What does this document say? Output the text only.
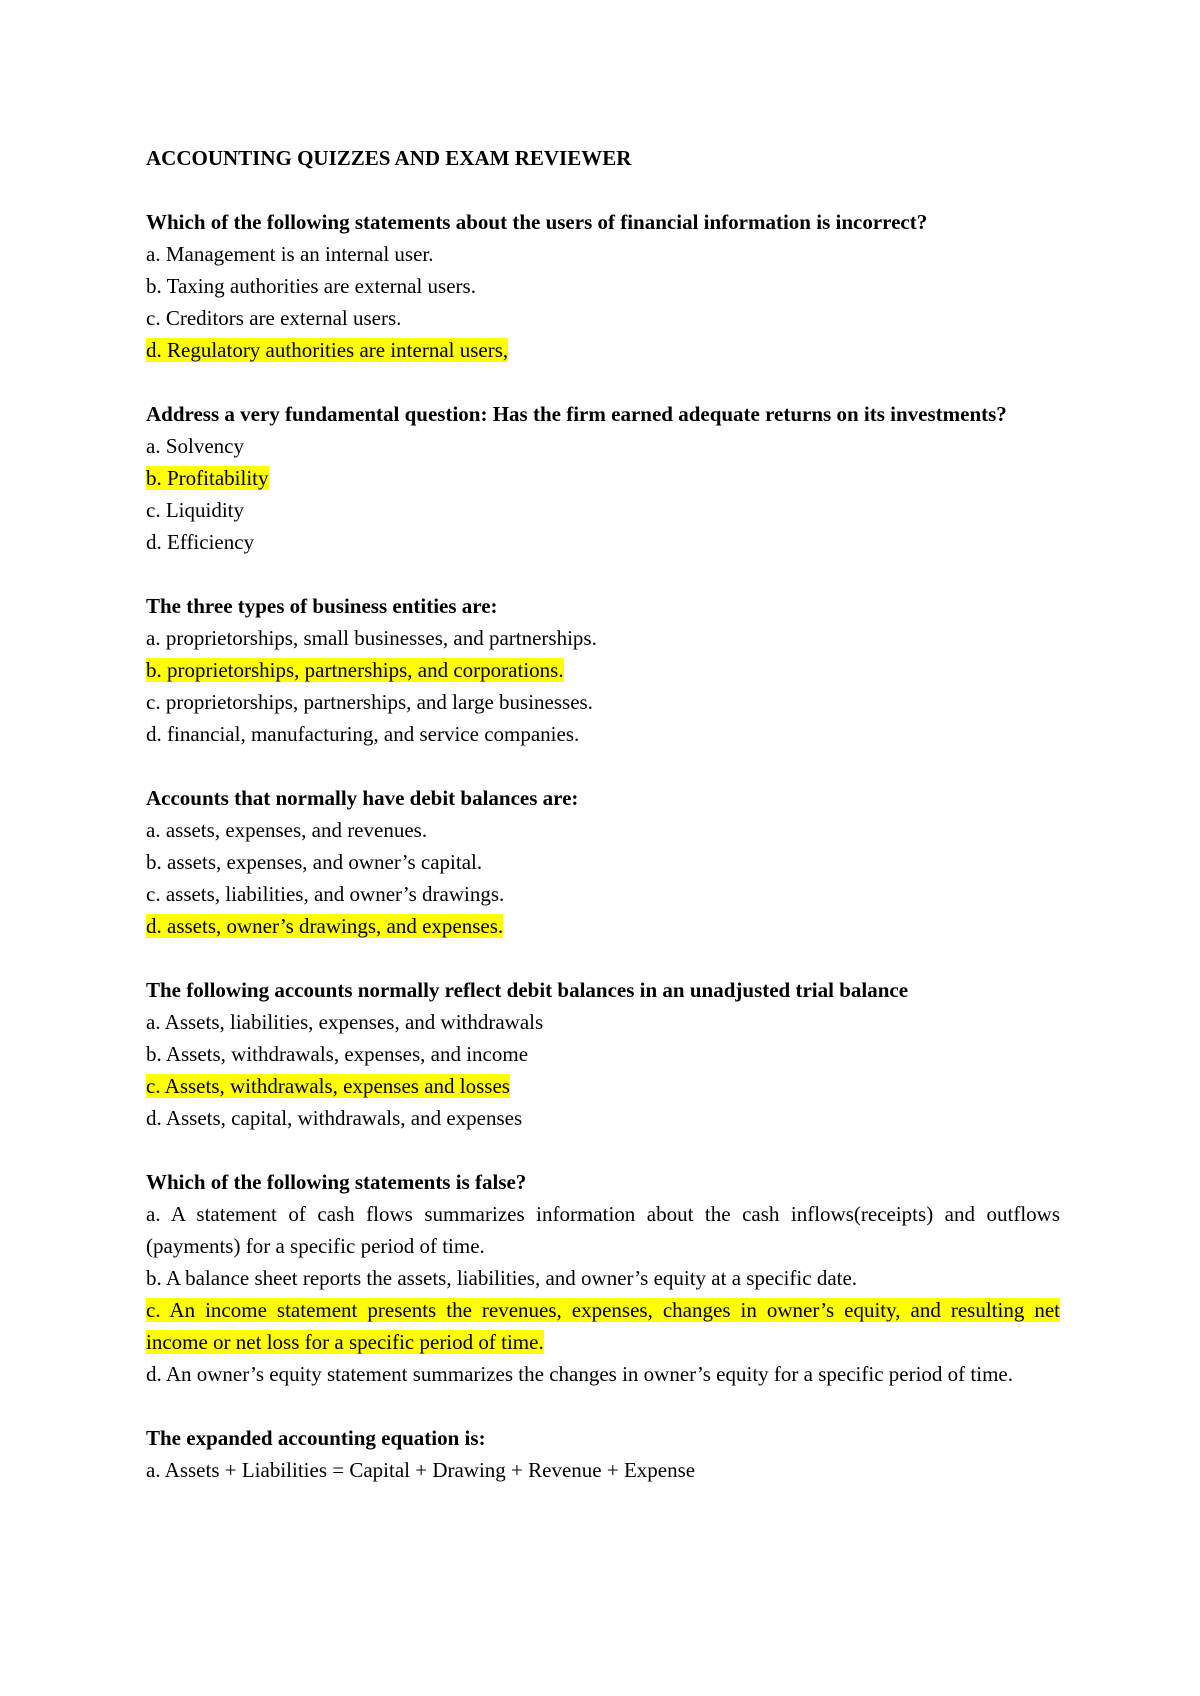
ACCOUNTING QUIZZES AND EXAM REVIEWER
Which of the following statements about the users of financial information is incorrect?
a. Management is an internal user.
b. Taxing authorities are external users.
c. Creditors are external users.
d. Regulatory authorities are internal users,
Address a very fundamental question: Has the firm earned adequate returns on its investments?
a. Solvency
b. Profitability
c. Liquidity
d. Efficiency
The three types of business entities are:
a. proprietorships, small businesses, and partnerships.
b. proprietorships, partnerships, and corporations.
c. proprietorships, partnerships, and large businesses.
d. financial, manufacturing, and service companies.
Accounts that normally have debit balances are:
a. assets, expenses, and revenues.
b. assets, expenses, and owner’s capital.
c. assets, liabilities, and owner’s drawings.
d. assets, owner’s drawings, and expenses.
The following accounts normally reflect debit balances in an unadjusted trial balance
a. Assets, liabilities, expenses, and withdrawals
b. Assets, withdrawals, expenses, and income
c. Assets, withdrawals, expenses and losses
d. Assets, capital, withdrawals, and expenses
Which of the following statements is false?
a. A statement of cash flows summarizes information about the cash inflows(receipts) and outflows (payments) for a specific period of time.
b. A balance sheet reports the assets, liabilities, and owner’s equity at a specific date.
c. An income statement presents the revenues, expenses, changes in owner’s equity, and resulting net income or net loss for a specific period of time.
d. An owner’s equity statement summarizes the changes in owner’s equity for a specific period of time.
The expanded accounting equation is:
a. Assets + Liabilities = Capital + Drawing + Revenue + Expense
